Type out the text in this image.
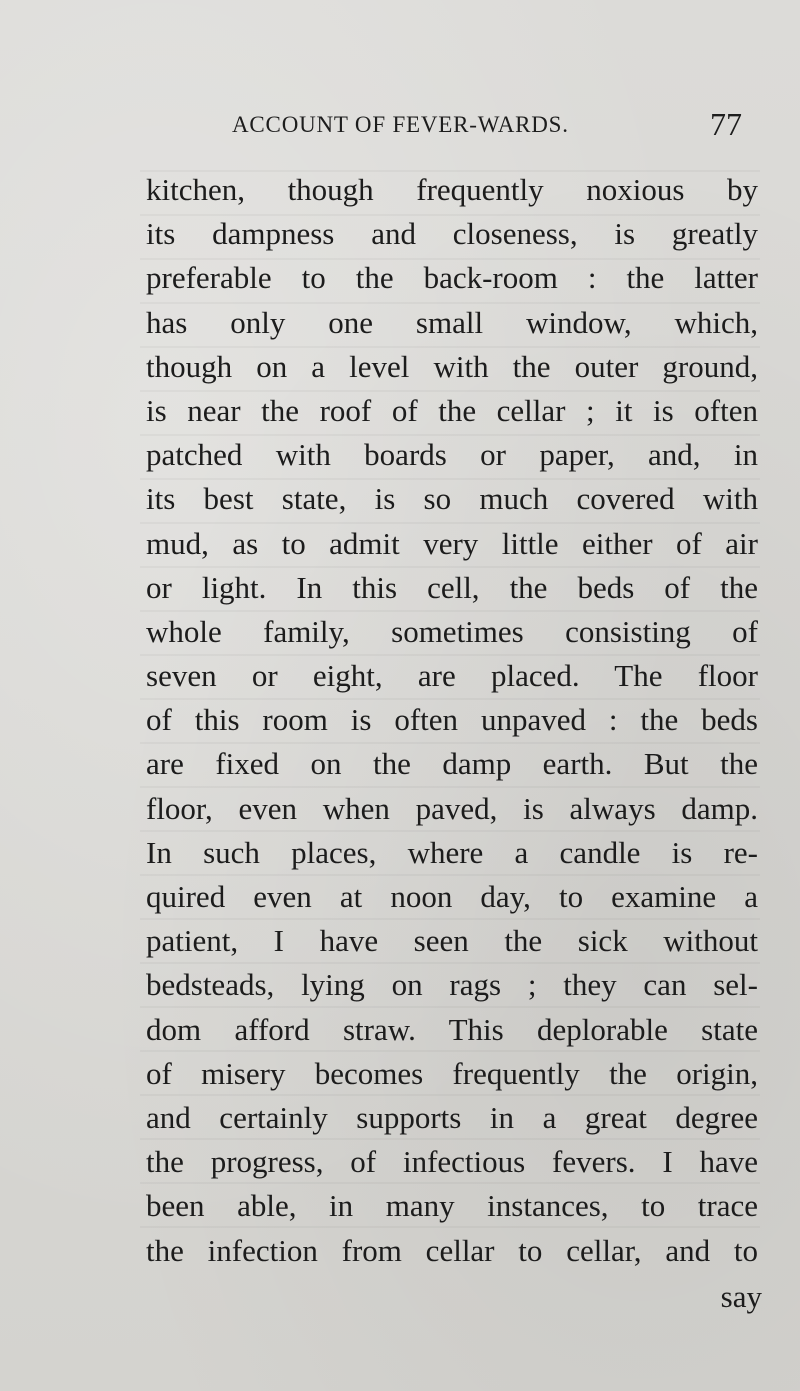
ACCOUNT OF FEVER-WARDS.	77
kitchen, though frequently noxious by
its dampness and closeness, is greatly
preferable to the back-room : the latter
has only one small window, which,
though on a level with the outer ground,
is near the roof of the cellar ; it is often
patched with boards or paper, and, in
its best state, is so much covered with
mud, as to admit very little either of air
or light. In this cell, the beds of the
whole family, sometimes consisting of
seven or eight, are placed. The floor
of this room is often unpaved : the beds
are fixed on the damp earth. But the
floor, even when paved, is always damp.
In such places, where a candle is re-
quired even at noon day, to examine a
patient, I have seen the sick without
bedsteads, lying on rags ; they can sel-
dom afford straw. This deplorable state
of misery becomes frequently the origin,
and certainly supports in a great degree
the progress, of infectious fevers. I have
been able, in many instances, to trace
the infection from cellar to cellar, and to
say
